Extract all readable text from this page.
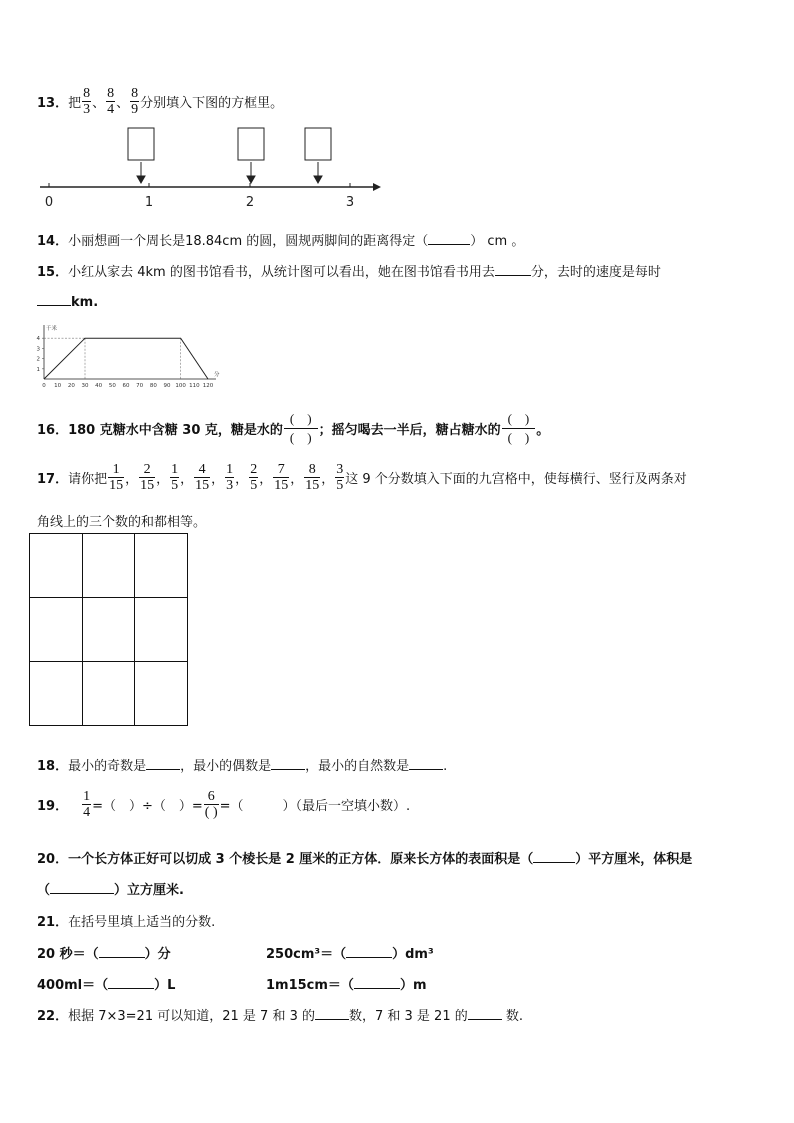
13． 把 $\frac{8}{3}$ 、 $\frac{8}{4}$ 、 $\frac{8}{9}$ 分别填入下图的方框里。
0	1	2	3
14．小丽想画一个周长是18.84cm 的圆，圆规两脚间的距离得定（	） cm 。
15．小红从家去 4km 的图书馆看书，从统计图可以看出，她在图书馆看书用去	分，去时的速度是每时
km.
0 10 20 30 40 50 60 70 80 90 100 110 120
1
2
3
4
千米
分
16． 180 克糖水中含糖 30 克，糖是水的 $\frac{( )}{( )}$ ；摇匀喝去一半后，糖占糖水的 $\frac{( )}{( )}$ 。
17． 请你把 $\frac{1}{15}$ ， $\frac{2}{15}$ ， $\frac{1}{5}$ ， $\frac{4}{15}$ ， $\frac{1}{3}$ ， $\frac{2}{5}$ ， $\frac{7}{15}$ ， $\frac{8}{15}$ ， $\frac{3}{5}$ 这 9 个分数填入下面的九宫格中，使每横行、竖行及两条对
角线上的三个数的和都相等。

18．最小的奇数是	，最小的偶数是	，最小的自然数是	.
19． $\frac{1}{4}$ =（　）÷（　）= $\frac{6}{( )}$ =（　　　）（最后一空填小数）.
20．一个长方体正好可以切成 3 个棱长是 2 厘米的正方体．原来长方体的表面积是（	）平方厘米，体积是
（	）立方厘米.
21．在括号里填上适当的分数.
20 秒＝（	）分	250cm³＝（	）dm³
400ml＝（	）L	1m15cm＝（	）m
22．根据 7×3=21 可以知道，21 是 7 和 3 的	数，7 和 3 是 21 的	数.
